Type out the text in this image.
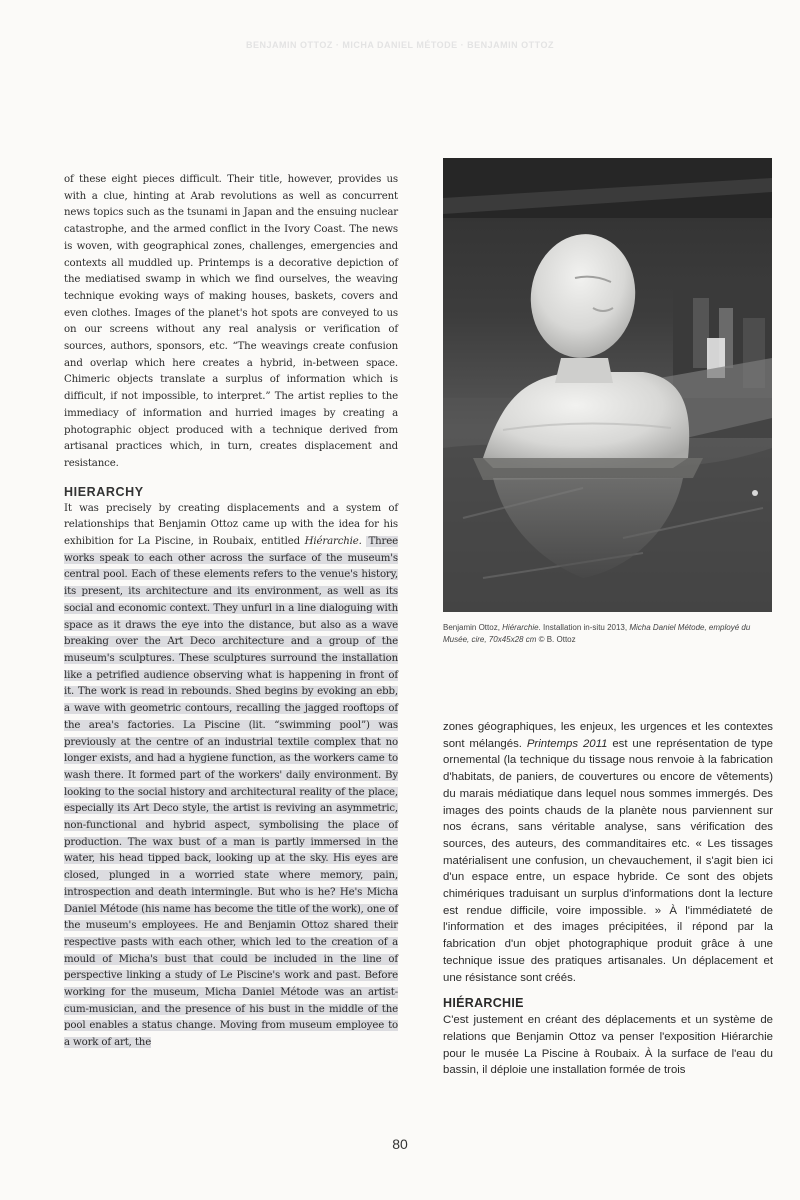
BENJAMIN OTTOZ · MICHA DANIEL MÉTODE · BENJAMIN OTTOZ

of these eight pieces difficult. Their title, however, provides us with a clue, hinting at Arab revolutions as well as concurrent news topics such as the tsunami in Japan and the ensuing nuclear catastrophe, and the armed conflict in the Ivory Coast. The news is woven, with geographical zones, challenges, emergencies and contexts all muddled up. Printemps is a decorative depiction of the mediatised swamp in which we find ourselves, the weaving technique evoking ways of making houses, baskets, covers and even clothes. Images of the planet's hot spots are conveyed to us on our screens without any real analysis or verification of sources, authors, sponsors, etc. “The weavings create confusion and overlap which here creates a hybrid, in-between space. Chimeric objects translate a surplus of information which is difficult, if not impossible, to interpret.” The artist replies to the immediacy of information and hurried images by creating a photographic object produced with a technique derived from artisanal practices which, in turn, creates displacement and resistance.

HIERARCHY

It was precisely by creating displacements and a system of relationships that Benjamin Ottoz came up with the idea for his exhibition for La Piscine, in Roubaix, entitled Hiérarchie. Three works speak to each other across the surface of the museum's central pool. Each of these elements refers to the venue's history, its present, its architecture and its environment, as well as its social and economic context. They unfurl in a line dialoguing with space as it draws the eye into the distance, but also as a wave breaking over the Art Deco architecture and a group of the museum's sculptures. These sculptures surround the installation like a petrified audience observing what is happening in front of it. The work is read in rebounds. Shed begins by evoking an ebb, a wave with geometric contours, recalling the jagged rooftops of the area's factories. La Piscine (lit. “swimming pool”) was previously at the centre of an industrial textile complex that no longer exists, and had a hygiene function, as the workers came to wash there. It formed part of the workers' daily environment. By looking to the social history and architectural reality of the place, especially its Art Deco style, the artist is reviving an asymmetric, non-functional and hybrid aspect, symbolising the place of production. The wax bust of a man is partly immersed in the water, his head tipped back, looking up at the sky. His eyes are closed, plunged in a worried state where memory, pain, introspection and death intermingle. But who is he? He's Micha Daniel Métode (his name has become the title of the work), one of the museum's employees. He and Benjamin Ottoz shared their respective pasts with each other, which led to the creation of a mould of Micha's bust that could be included in the line of perspective linking a study of Le Piscine's work and past. Before working for the museum, Micha Daniel Métode was an artist-cum-musician, and the presence of his bust in the middle of the pool enables a status change. Moving from museum employee to a work of art, the

Benjamin Ottoz, Hiérarchie. Installation in-situ 2013, Micha Daniel Métode, employé du Musée, cire, 70x45x28 cm © B. Ottoz

zones géographiques, les enjeux, les urgences et les contextes sont mélangés. Printemps 2011 est une représentation de type ornemental (la technique du tissage nous renvoie à la fabrication d'habitats, de paniers, de couvertures ou encore de vêtements) du marais médiatique dans lequel nous sommes immergés. Des images des points chauds de la planète nous parviennent sur nos écrans, sans véritable analyse, sans vérification des sources, des auteurs, des commanditaires etc. « Les tissages matérialisent une confusion, un chevauchement, il s'agit bien ici d'un espace entre, un espace hybride. Ce sont des objets chimériques traduisant un surplus d'informations dont la lecture est rendue difficile, voire impossible. » À l'immédiateté de l'information et des images précipitées, il répond par la fabrication d'un objet photographique produit grâce à une technique issue des pratiques artisanales. Un déplacement et une résistance sont créés.

HIÉRARCHIE

C'est justement en créant des déplacements et un système de relations que Benjamin Ottoz va penser l'exposition Hiérarchie pour le musée La Piscine à Roubaix. À la surface de l'eau du bassin, il déploie une installation formée de trois

80
